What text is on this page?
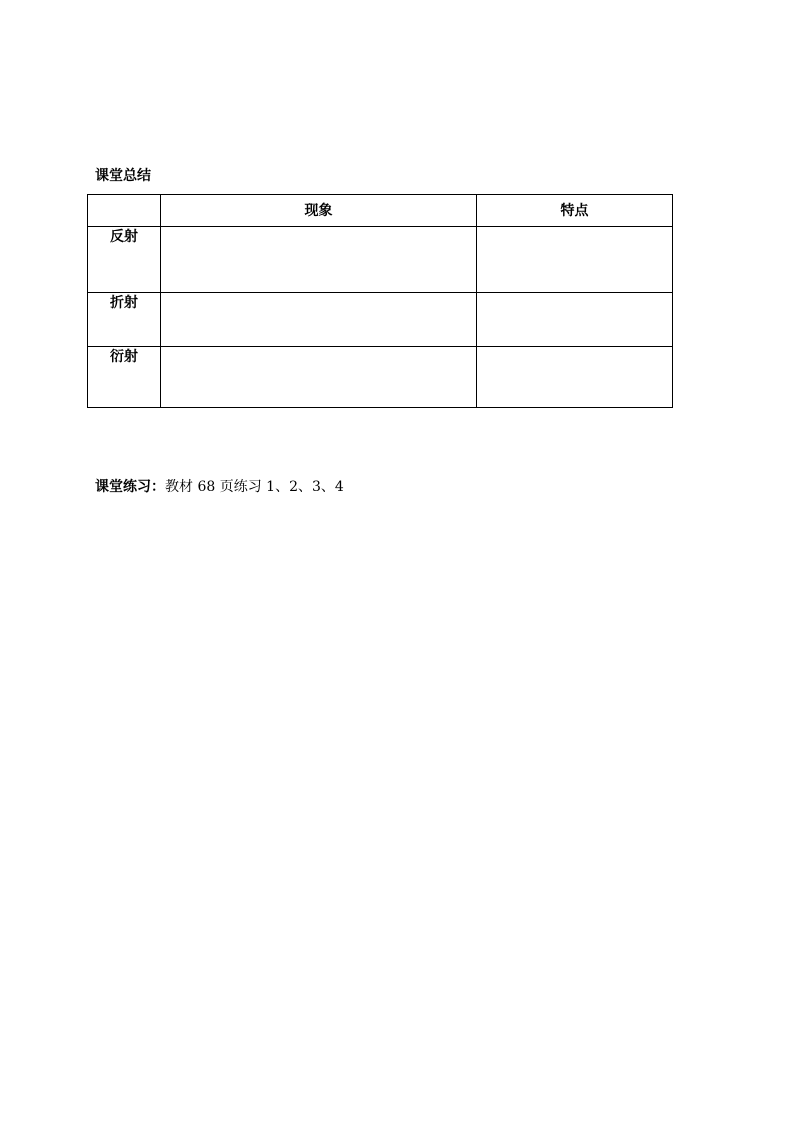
课堂总结
	现象	特点
反射		
折射		
衍射		
课堂练习：教材 68 页练习 1、2、3、4
